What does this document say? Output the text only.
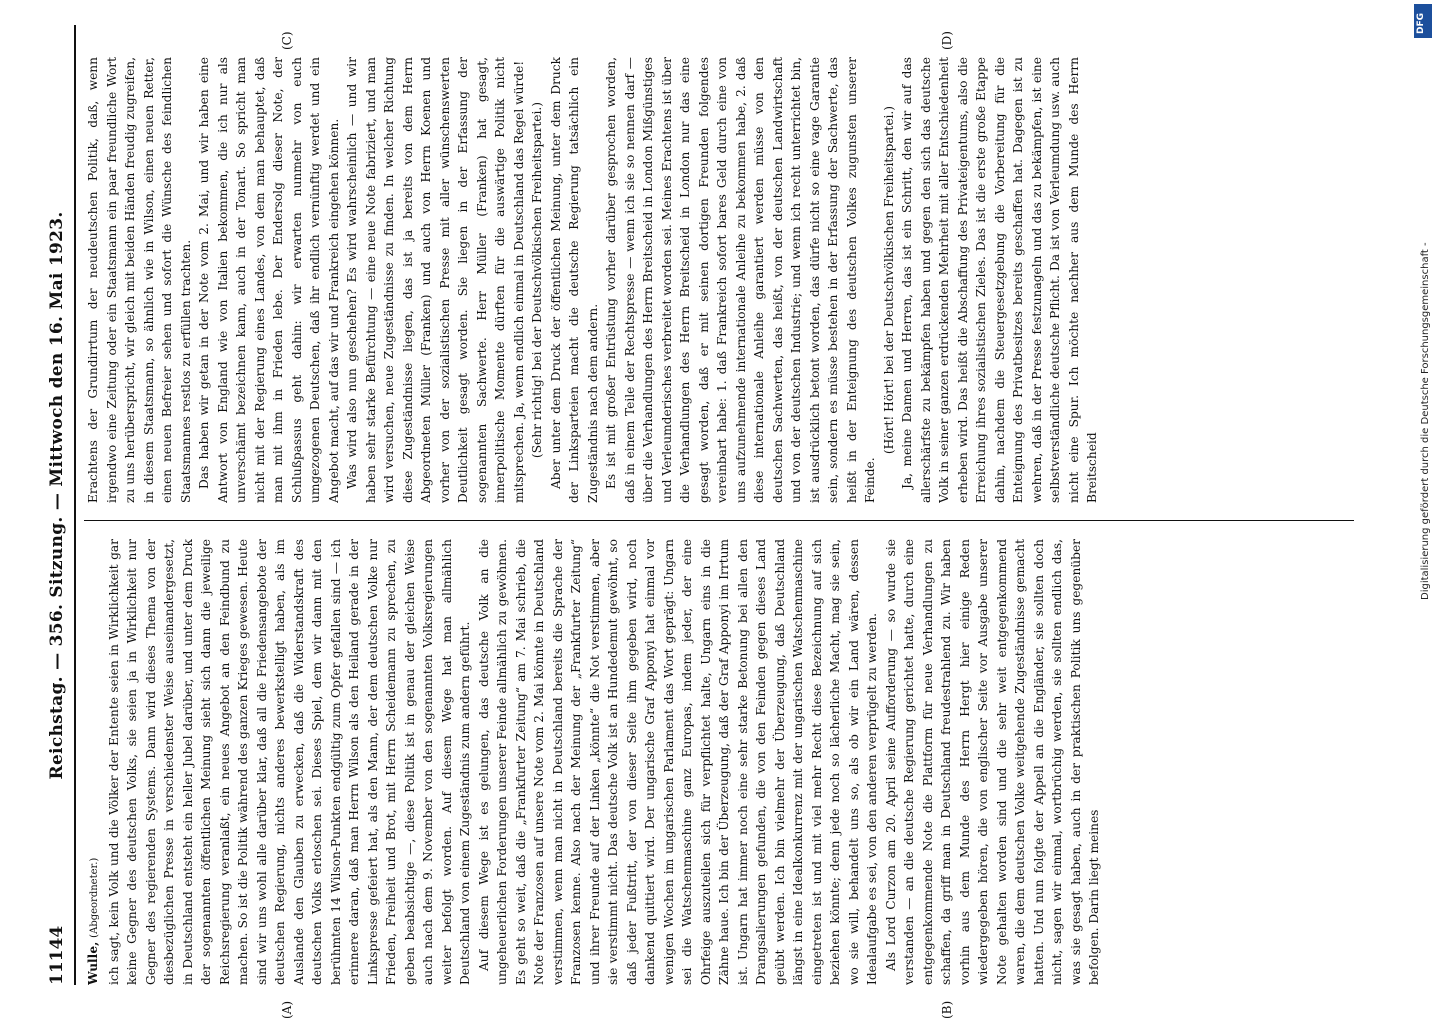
11144
Reichstag. — 356. Sitzung. — Mittwoch den 16. Mai 1923.

Wulle, (Abgeordneter.) ich sagt, kein Volk und die Völker der Entente seien in Wirklichkeit gar keine Gegner des deutschen Volks, sie seien ja in Wirklichkeit nur Gegner des regierenden Systems. Dann wird dieses Thema von der diesbezüglichen Presse in verschiedenster Weise auseinandergesetzt, in Deutschland entsteht ein heller Jubel darüber, und unter dem Druck der sogenannten öffentlichen Meinung sieht sich dann die jeweilige Reichsregierung veranlaßt, ein neues Angebot an den Feindbund zu machen. So ist die Politik während des ganzen Krieges gewesen. Heute sind wir uns wohl alle darüber klar, daß all die Friedensangebote der deutschen Regierung, nichts anderes bewerkstelligt haben, als im Auslande den Glauben zu erwecken, daß die Widerstandskraft des deutschen Volks erloschen sei. Dieses Spiel, dem wir dann mit den berühmten 14 Wilson-Punkten endgültig zum Opfer gefallen sind — ich erinnere daran, daß man Herrn Wilson als den Heiland gerade in der Linkspresse gefeiert hat, als den Mann, der dem deutschen Volke nur Frieden, Freiheit und Brot, mit Herrn Scheidemann zu sprechen, zu geben beabsichtige —, diese Politik ist in genau der gleichen Weise auch nach dem 9. November von den sogenannten Volksregierungen weiter befolgt worden. Auf diesem Wege hat man allmählich Deutschland von einem Zugeständnis zum andern geführt. Auf diesem Wege ist es gelungen, das deutsche Volk an die ungeheuerlichen Forderungen unserer Feinde allmählich zu gewöhnen. Es geht so weit, daß die „Frankfurter Zeitung“ am 7. Mai schrieb, die Note der Franzosen auf unsere Note vom 2. Mai könnte in Deutschland verstimmen, wenn man nicht in Deutschland bereits die Sprache der Franzosen kenne. Also nach der Meinung der „Frankfurter Zeitung“ und ihrer Freunde auf der Linken „könnte“ die Not verstimmen, aber sie verstimmt nicht. Das deutsche Volk ist an Hundedemut gewöhnt, so daß jeder Fußtritt, der von dieser Seite ihm gegeben wird, noch dankend quittiert wird. Der ungarische Graf Apponyi hat einmal vor wenigen Wochen im ungarischen Parlament das Wort geprägt: Ungarn sei die Watschenmaschine ganz Europas, indem jeder, der eine Ohrfeige auszuteilen sich für verpflichtet halte, Ungarn eins in die Zähne haue. Ich bin der Überzeugung, daß der Graf Apponyi im Irrtum ist. Ungarn hat immer noch eine sehr starke Betonung bei allen den Drangsalierungen gefunden, die von den Feinden gegen dieses Land geübt werden. Ich bin vielmehr der Überzeugung, daß Deutschland längst in eine Idealkonkurrenz mit der ungarischen Watschenmaschine eingetreten ist und mit viel mehr Recht diese Bezeichnung auf sich beziehen könnte; denn jede noch so lächerliche Macht, mag sie sein, wo sie will, behandelt uns so, als ob wir ein Land wären, dessen Idealaufgabe es sei, von den anderen verprügelt zu werden. Als Lord Curzon am 20. April seine Aufforderung — so wurde sie verstanden — an die deutsche Regierung gerichtet hatte, durch eine entgegenkommende Note die Plattform für neue Verhandlungen zu schaffen, da griff man in Deutschland freudestrahlend zu. Wir haben vorhin aus dem Munde des Herrn Hergt hier einige Reden wiedergegeben hören, die von englischer Seite vor Ausgabe unserer Note gehalten worden sind und die sehr weit entgegenkommend waren, die dem deutschen Volke weitgehende Zugeständnisse gemacht hatten. Und nun folgte der Appell an die Engländer, sie sollten doch nicht, sagen wir einmal, wortbrüchig werden, sie sollten endlich das, was sie gesagt haben, auch in der praktischen Politik uns gegenüber befolgen. Darin liegt meines

Erachtens der Grundirrtum der neudeutschen Politik, daß, wenn irgendwo eine Zeitung oder ein Staatsmann ein paar freundliche Wort zu uns herüberspricht, wir gleich mit beiden Händen freudig zugreifen, in diesem Staatsmann, so ähnlich wie in Wilson, einen neuen Retter, einen neuen Befreier sehen und sofort die Wünsche des feindlichen Staatsmannes restlos zu erfüllen trachten. Das haben wir getan in der Note vom 2. Mai, und wir haben eine Antwort von England wie von Italien bekommen, die ich nur als unverschämt bezeichnen kann, auch in der Tonart. So spricht man nicht mit der Regierung eines Landes, von dem man behauptet, daß man mit ihm in Frieden lebe. Der Endersolg dieser Note, der Schlußpassus geht dahin: wir erwarten nunmehr von euch umgezogenen Deutschen, daß ihr endlich vernünftig werdet und ein Angebot macht, auf das wir und Frankreich eingehen können. Was wird also nun geschehen? Es wird wahrscheinlich — und wir haben sehr starke Befürchtung — eine neue Note fabriziert, und man wird versuchen, neue Zugeständnisse zu finden. In welcher Richtung diese Zugeständnisse liegen, das ist ja bereits von dem Herrn Abgeordneten Müller (Franken) und auch von Herrn Koenen und vorher von der sozialistischen Presse mit aller wünschenswerten Deutlichkeit gesagt worden. Sie liegen in der Erfassung der sogenannten Sachwerte. Herr Müller (Franken) hat gesagt, innerpolitische Momente dürften für die auswärtige Politik nicht mitsprechen. Ja, wenn endlich einmal in Deutschland das Regel würde! (Sehr richtig! bei der Deutschvölkischen Freiheitspartei.) Aber unter dem Druck der öffentlichen Meinung, unter dem Druck der Linksparteien macht die deutsche Regierung tatsächlich ein Zugeständnis nach dem andern. Es ist mit großer Entrüstung vorher darüber gesprochen worden, daß in einem Teile der Rechtspresse — wenn ich sie so nennen darf — über die Verhandlungen des Herrn Breitscheid in London Mißgünstiges und Verleumderisches verbreitet worden sei. Meines Erachtens ist über die Verhandlungen des Herrn Breitscheid in London nur das eine gesagt worden, daß er mit seinen dortigen Freunden folgendes vereinbart habe: 1. daß Frankreich sofort bares Geld durch eine von uns aufzunehmende internationale Anleihe zu bekommen habe, 2. daß diese internationale Anleihe garantiert werden müsse von den deutschen Sachwerten, das heißt, von der deutschen Landwirtschaft und von der deutschen Industrie; und wenn ich recht unterrichtet bin, ist ausdrücklich betont worden, das dürfe nicht so eine vage Garantie sein, sondern es müsse bestehen in der Erfassung der Sachwerte, das heißt in der Enteignung des deutschen Volkes zugunsten unserer Feinde.

(Hört! Hört! bei der Deutschvölkischen Freiheitspartei.) Ja, meine Damen und Herren, das ist ein Schritt, den wir auf das allerschärfste zu bekämpfen haben und gegen den sich das deutsche Volk in seiner ganzen erdrückenden Mehrheit mit aller Entschiedenheit erheben wird. Das heißt die Abschaffung des Privateigentums, also die Erreichung ihres sozialistischen Zieles. Das ist die erste große Etappe dahin, nachdem die Steuergesetzgebung die Vorbereitung für die Enteignung des Privatbesitzes bereits geschaffen hat. Dagegen ist zu wehren, daß in der Presse festzunageln und das zu bekämpfen, ist eine selbstverständliche deutsche Pflicht. Da ist von Verleumdung usw. auch nicht eine Spur. Ich möchte nachher aus dem Munde des Herrn Breitscheid

(A)	(B)
(C)	(D)
DFG
Digitalisierung gefördert durch die Deutsche Forschungsgemeinschaft -
